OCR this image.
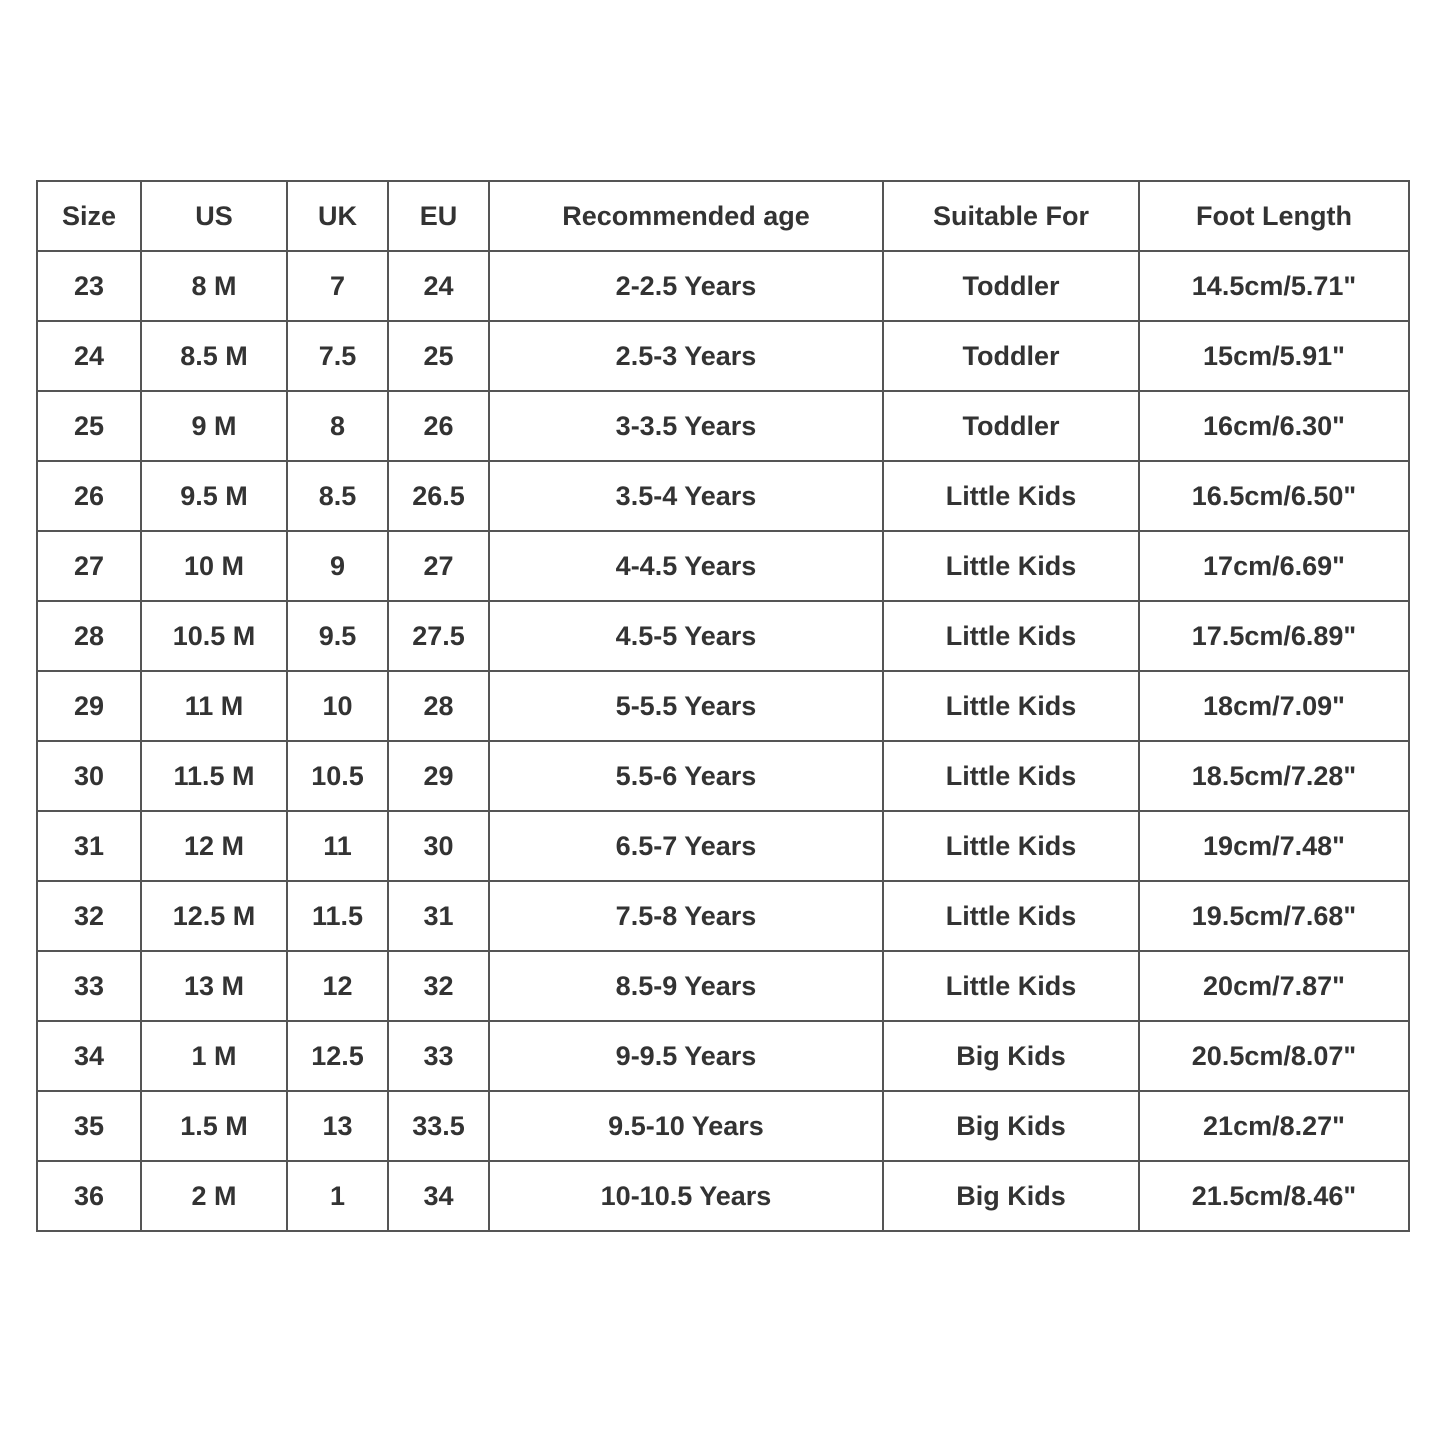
Size	US	UK	EU	Recommended age	Suitable For	Foot Length
23	8 M	7	24	2-2.5 Years	Toddler	14.5cm/5.71"
24	8.5 M	7.5	25	2.5-3 Years	Toddler	15cm/5.91"
25	9 M	8	26	3-3.5 Years	Toddler	16cm/6.30"
26	9.5 M	8.5	26.5	3.5-4 Years	Little Kids	16.5cm/6.50"
27	10 M	9	27	4-4.5 Years	Little Kids	17cm/6.69"
28	10.5 M	9.5	27.5	4.5-5 Years	Little Kids	17.5cm/6.89"
29	11 M	10	28	5-5.5 Years	Little Kids	18cm/7.09"
30	11.5 M	10.5	29	5.5-6 Years	Little Kids	18.5cm/7.28"
31	12 M	11	30	6.5-7 Years	Little Kids	19cm/7.48"
32	12.5 M	11.5	31	7.5-8 Years	Little Kids	19.5cm/7.68"
33	13 M	12	32	8.5-9 Years	Little Kids	20cm/7.87"
34	1 M	12.5	33	9-9.5 Years	Big Kids	20.5cm/8.07"
35	1.5 M	13	33.5	9.5-10 Years	Big Kids	21cm/8.27"
36	2 M	1	34	10-10.5 Years	Big Kids	21.5cm/8.46"
